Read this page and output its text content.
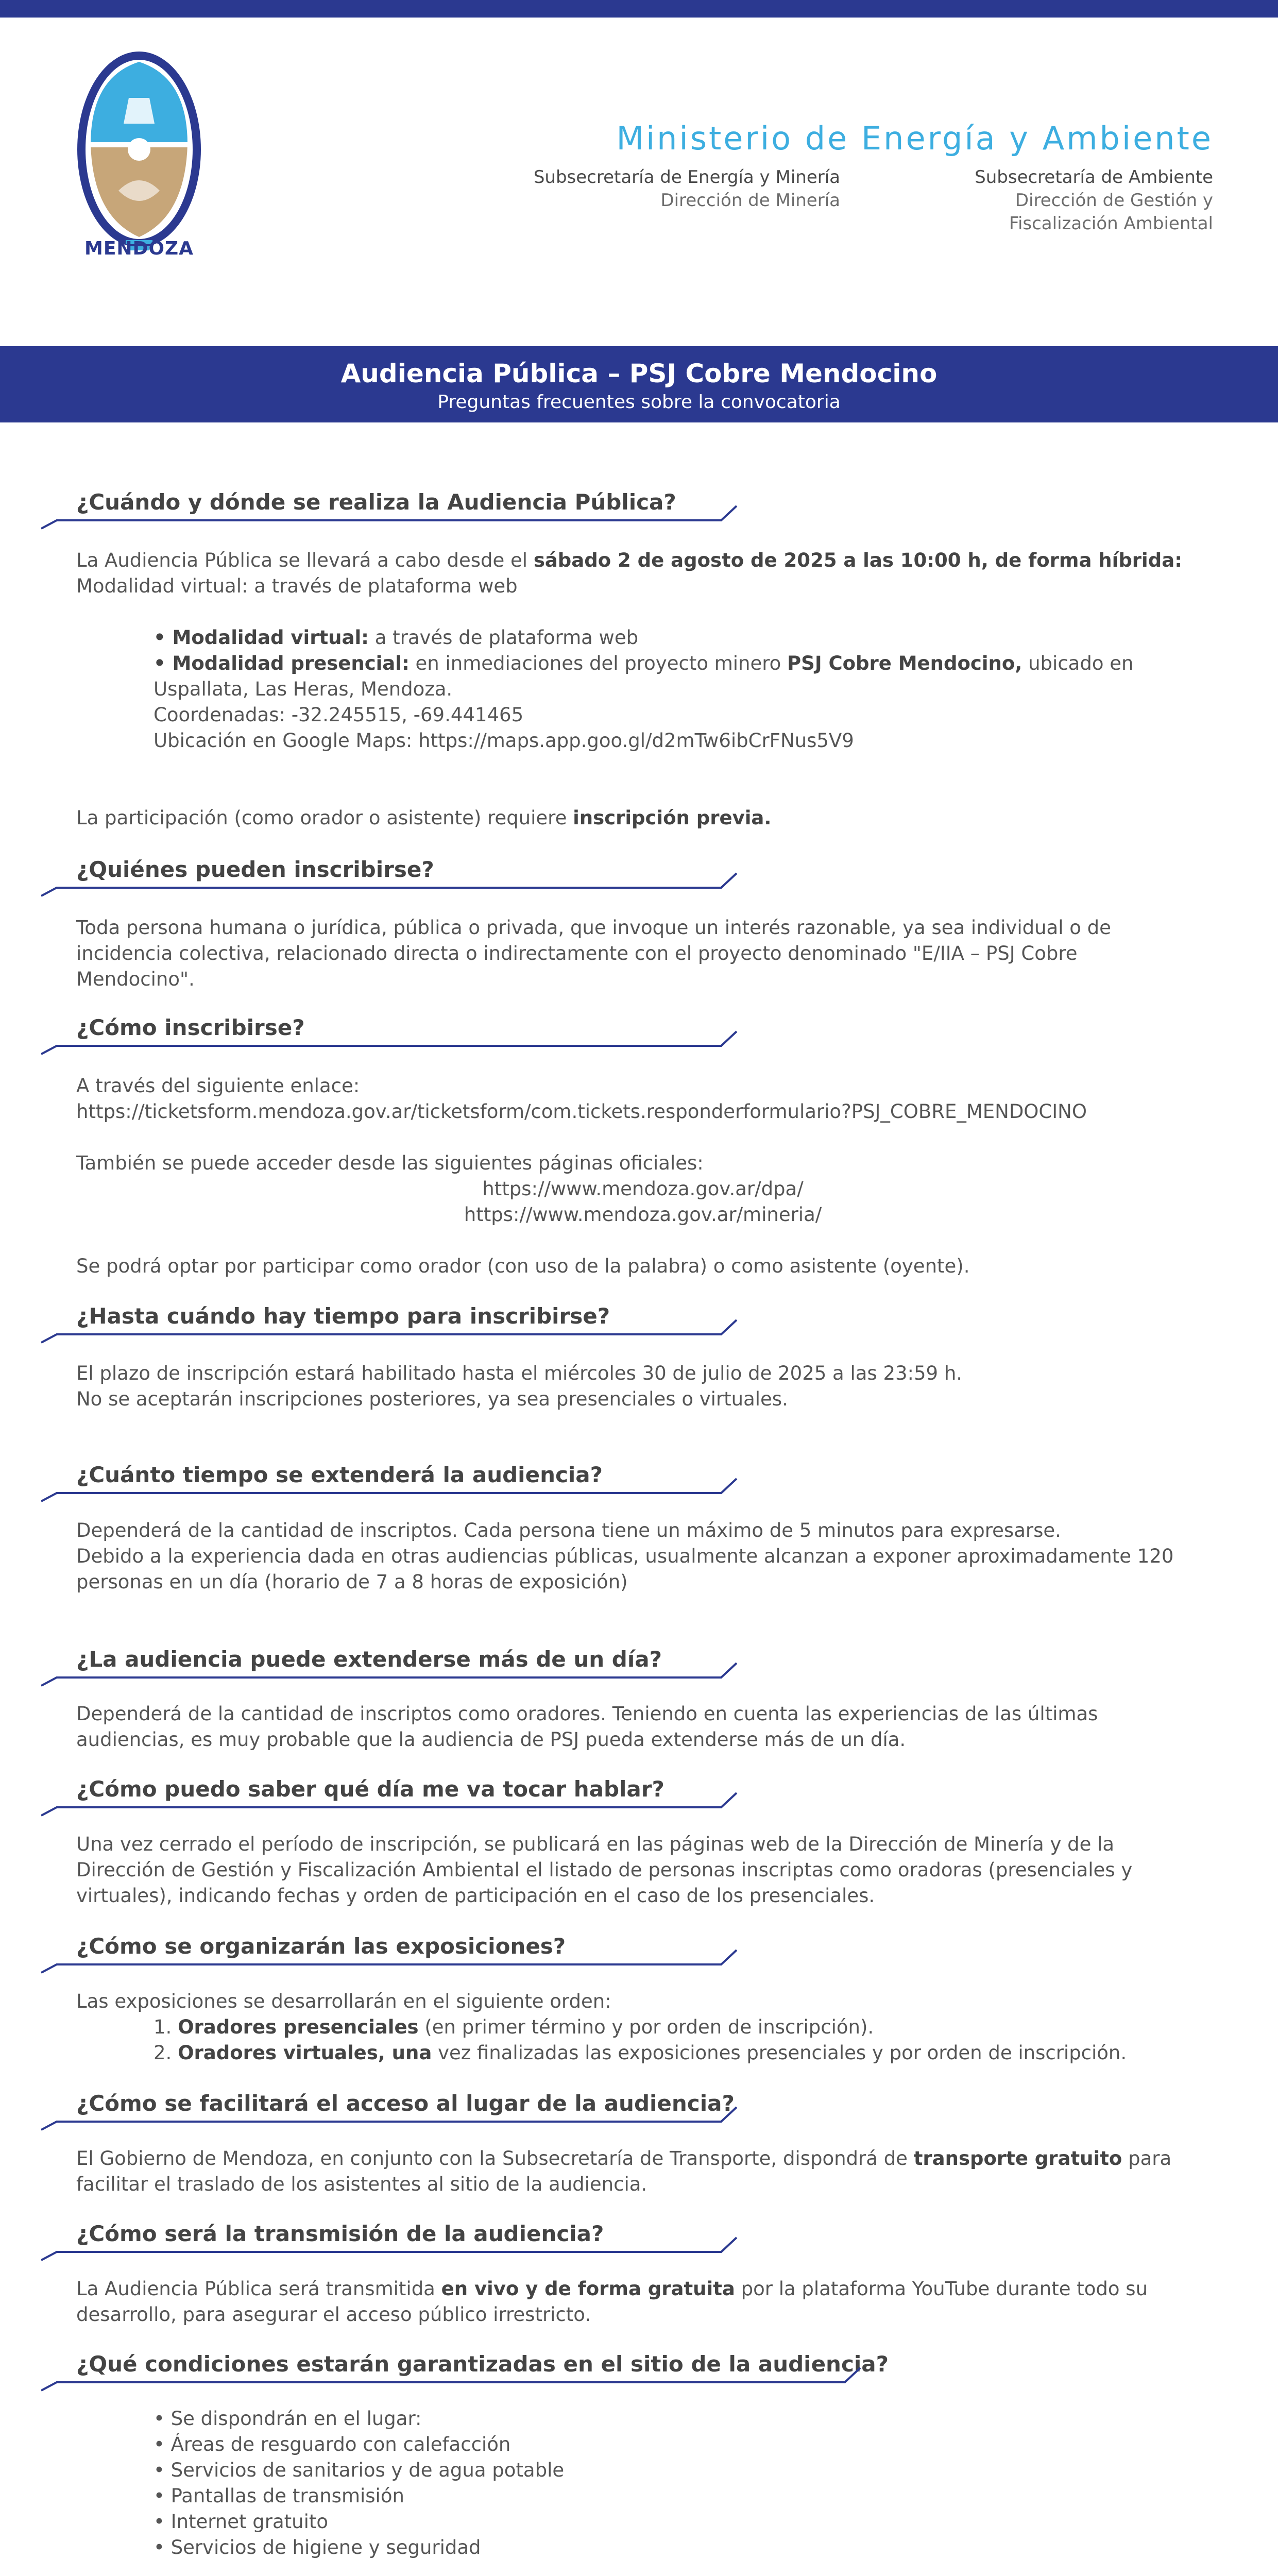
MENDOZA
Ministerio de Energía y Ambiente
Subsecretaría de Energía y Minería
Dirección de Minería
Subsecretaría de Ambiente
Dirección de Gestión y
Fiscalización Ambiental
Audiencia Pública – PSJ Cobre Mendocino
Preguntas frecuentes sobre la convocatoria
¿Cuándo y dónde se realiza la Audiencia Pública?
La Audiencia Pública se llevará a cabo desde el sábado 2 de agosto de 2025 a las 10:00 h, de forma híbrida:
Modalidad virtual: a través de plataforma web
• Modalidad virtual: a través de plataforma web
• Modalidad presencial: en inmediaciones del proyecto minero PSJ Cobre Mendocino, ubicado en
Uspallata, Las Heras, Mendoza.
Coordenadas: -32.245515, -69.441465
Ubicación en Google Maps: https://maps.app.goo.gl/d2mTw6ibCrFNus5V9
La participación (como orador o asistente) requiere inscripción previa.
¿Quiénes pueden inscribirse?
Toda persona humana o jurídica, pública o privada, que invoque un interés razonable, ya sea individual o de
incidencia colectiva, relacionado directa o indirectamente con el proyecto denominado "E/IIA – PSJ Cobre
Mendocino".
¿Cómo inscribirse?
A través del siguiente enlace:
https://ticketsform.mendoza.gov.ar/ticketsform/com.tickets.responderformulario?PSJ_COBRE_MENDOCINO
También se puede acceder desde las siguientes páginas oficiales:
https://www.mendoza.gov.ar/dpa/
https://www.mendoza.gov.ar/mineria/
Se podrá optar por participar como orador (con uso de la palabra) o como asistente (oyente).
¿Hasta cuándo hay tiempo para inscribirse?
El plazo de inscripción estará habilitado hasta el miércoles 30 de julio de 2025 a las 23:59 h.
No se aceptarán inscripciones posteriores, ya sea presenciales o virtuales.
¿Cuánto tiempo se extenderá la audiencia?
Dependerá de la cantidad de inscriptos. Cada persona tiene un máximo de 5 minutos para expresarse.
Debido a la experiencia dada en otras audiencias públicas, usualmente alcanzan a exponer aproximadamente 120
personas en un día (horario de 7 a 8 horas de exposición)
¿La audiencia puede extenderse más de un día?
Dependerá de la cantidad de inscriptos como oradores. Teniendo en cuenta las experiencias de las últimas
audiencias, es muy probable que la audiencia de PSJ pueda extenderse más de un día.
¿Cómo puedo saber qué día me va tocar hablar?
Una vez cerrado el período de inscripción, se publicará en las páginas web de la Dirección de Minería y de la
Dirección de Gestión y Fiscalización Ambiental el listado de personas inscriptas como oradoras (presenciales y
virtuales), indicando fechas y orden de participación en el caso de los presenciales.
¿Cómo se organizarán las exposiciones?
Las exposiciones se desarrollarán en el siguiente orden:
1. Oradores presenciales (en primer término y por orden de inscripción).
2. Oradores virtuales, una vez finalizadas las exposiciones presenciales y por orden de inscripción.
¿Cómo se facilitará el acceso al lugar de la audiencia?
El Gobierno de Mendoza, en conjunto con la Subsecretaría de Transporte, dispondrá de transporte gratuito para
facilitar el traslado de los asistentes al sitio de la audiencia.
¿Cómo será la transmisión de la audiencia?
La Audiencia Pública será transmitida en vivo y de forma gratuita por la plataforma YouTube durante todo su
desarrollo, para asegurar el acceso público irrestricto.
¿Qué condiciones estarán garantizadas en el sitio de la audiencia?
• Se dispondrán en el lugar:
• Áreas de resguardo con calefacción
• Servicios de sanitarios y de agua potable
• Pantallas de transmisión
• Internet gratuito
• Servicios de higiene y seguridad
